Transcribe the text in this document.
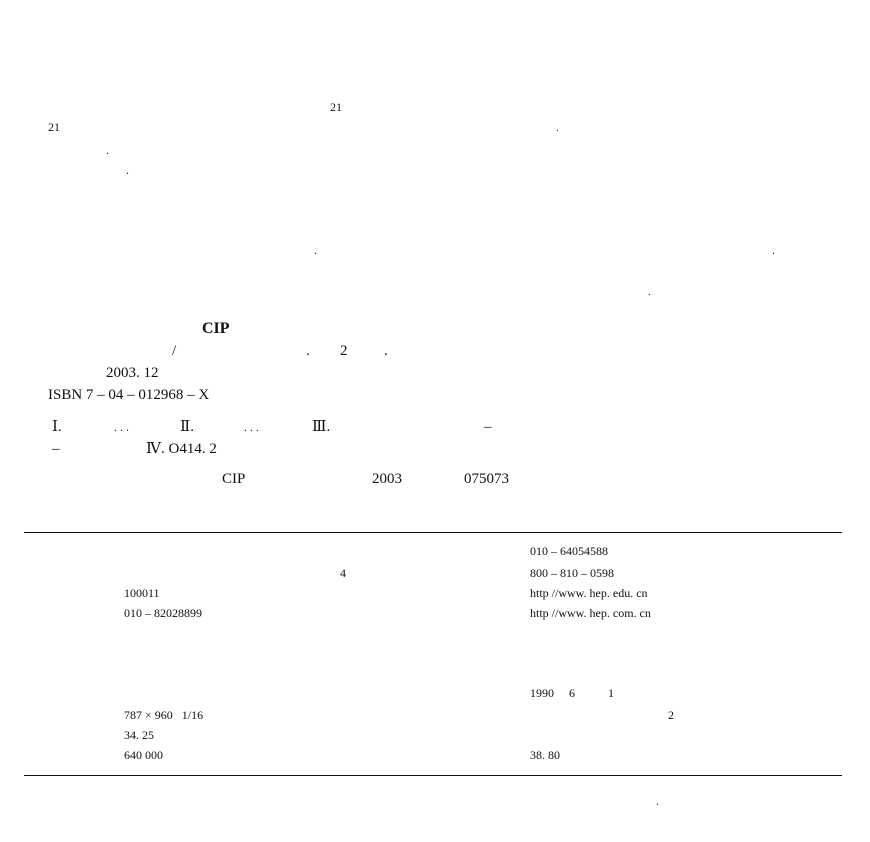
21
21	.
.
.
.	.
.
CIP
/	. 2 .
2003. 12
ISBN 7 – 04 – 012968 – X
Ⅰ.	. . .	Ⅱ.	. . .	Ⅲ.	–
–	Ⅳ. O414. 2
CIP	2003	075073
010 – 64054588
4	800 – 810 – 0598
100011	http //www. hep. edu. cn
010 – 82028899	http //www. hep. com. cn
1990     6           1
787 × 960   1/16	2
34. 25
640 000	38. 80
.
